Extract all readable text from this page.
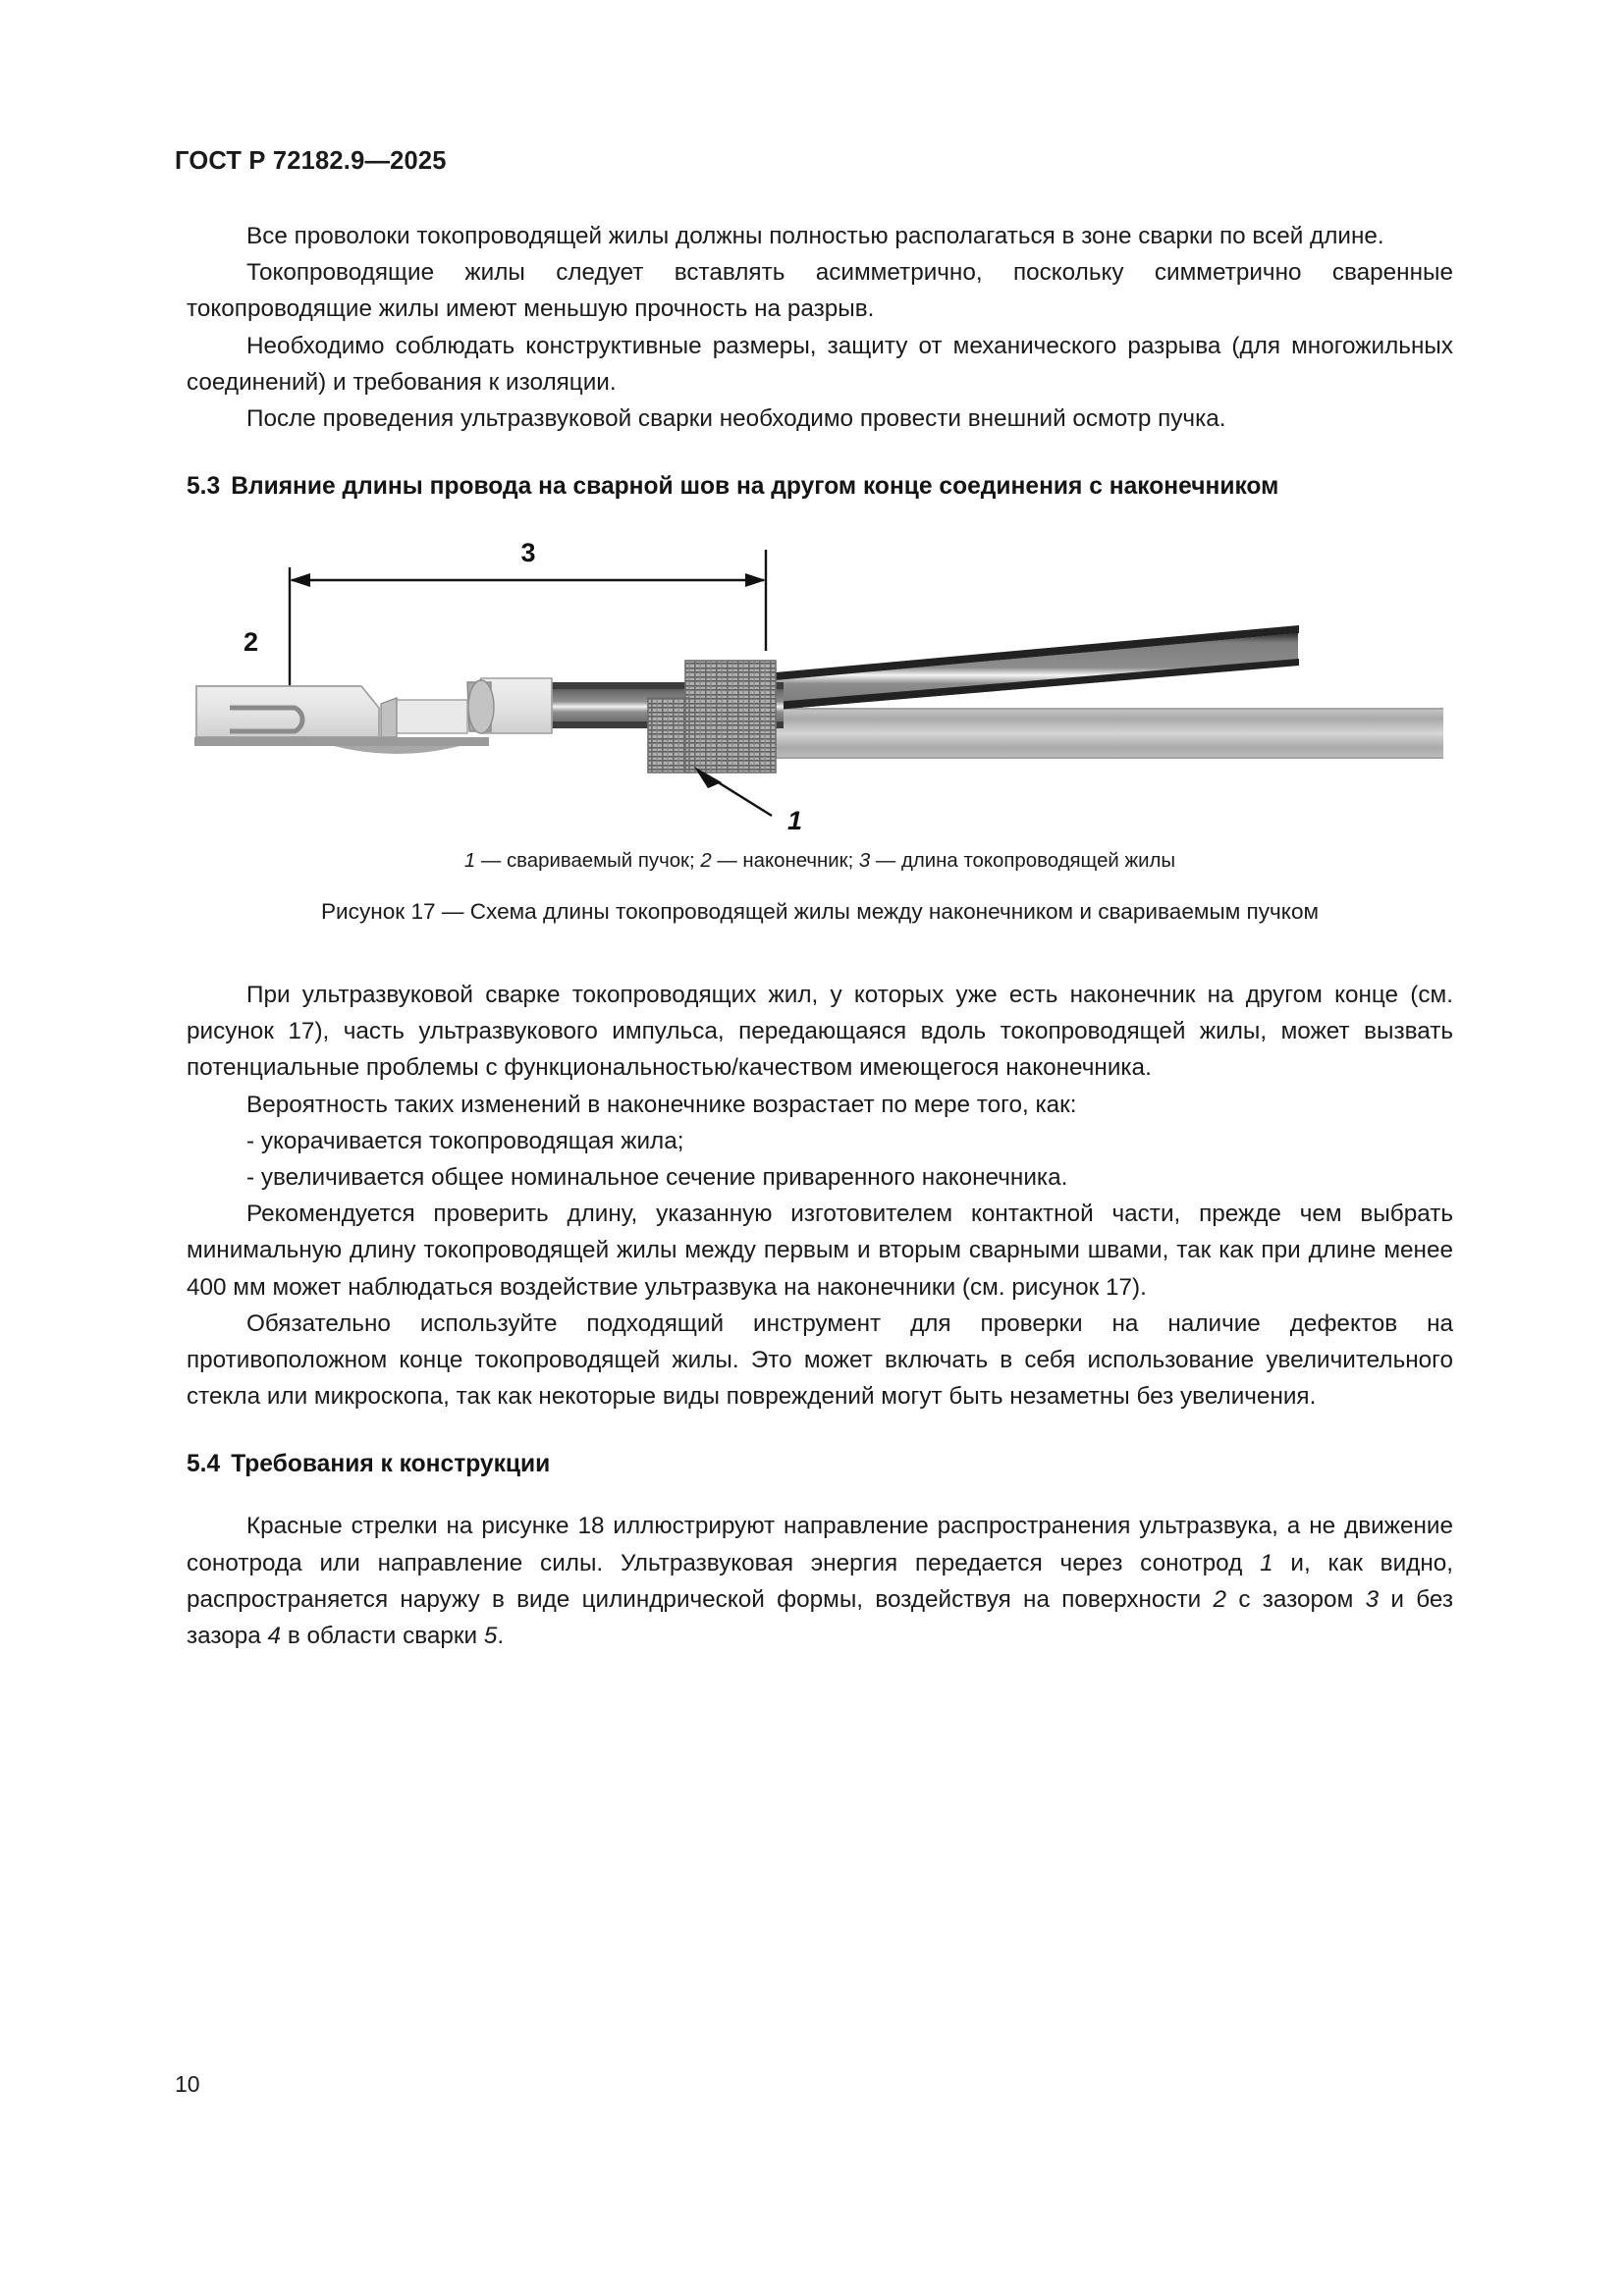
ГОСТ Р 72182.9—2025

Все проволоки токопроводящей жилы должны полностью располагаться в зоне сварки по всей длине.

Токопроводящие жилы следует вставлять асимметрично, поскольку симметрично сваренные токопроводящие жилы имеют меньшую прочность на разрыв.

Необходимо соблюдать конструктивные размеры, защиту от механического разрыва (для многожильных соединений) и требования к изоляции.

После проведения ультразвуковой сварки необходимо провести внешний осмотр пучка.

5.3 Влияние длины провода на сварной шов на другом конце соединения с наконечником
3
1
2

1 — свариваемый пучок; 2 — наконечник; 3 — длина токопроводящей жилы

Рисунок 17 — Схема длины токопроводящей жилы между наконечником и свариваемым пучком

При ультразвуковой сварке токопроводящих жил, у которых уже есть наконечник на другом конце (см. рисунок 17), часть ультразвукового импульса, передающаяся вдоль токопроводящей жилы, может вызвать потенциальные проблемы с функциональностью/качеством имеющегося наконечника.

Вероятность таких изменений в наконечнике возрастает по мере того, как:

- укорачивается токопроводящая жила;

- увеличивается общее номинальное сечение приваренного наконечника.

Рекомендуется проверить длину, указанную изготовителем контактной части, прежде чем выбрать минимальную длину токопроводящей жилы между первым и вторым сварными швами, так как при длине менее 400 мм может наблюдаться воздействие ультразвука на наконечники (см. рисунок 17).

Обязательно используйте подходящий инструмент для проверки на наличие дефектов на противоположном конце токопроводящей жилы. Это может включать в себя использование увеличительного стекла или микроскопа, так как некоторые виды повреждений могут быть незаметны без увеличения.

5.4 Требования к конструкции

Красные стрелки на рисунке 18 иллюстрируют направление распространения ультразвука, а не движение сонотрода или направление силы. Ультразвуковая энергия передается через сонотрод 1 и, как видно, распространяется наружу в виде цилиндрической формы, воздействуя на поверхности 2 с зазором 3 и без зазора 4 в области сварки 5.

10
